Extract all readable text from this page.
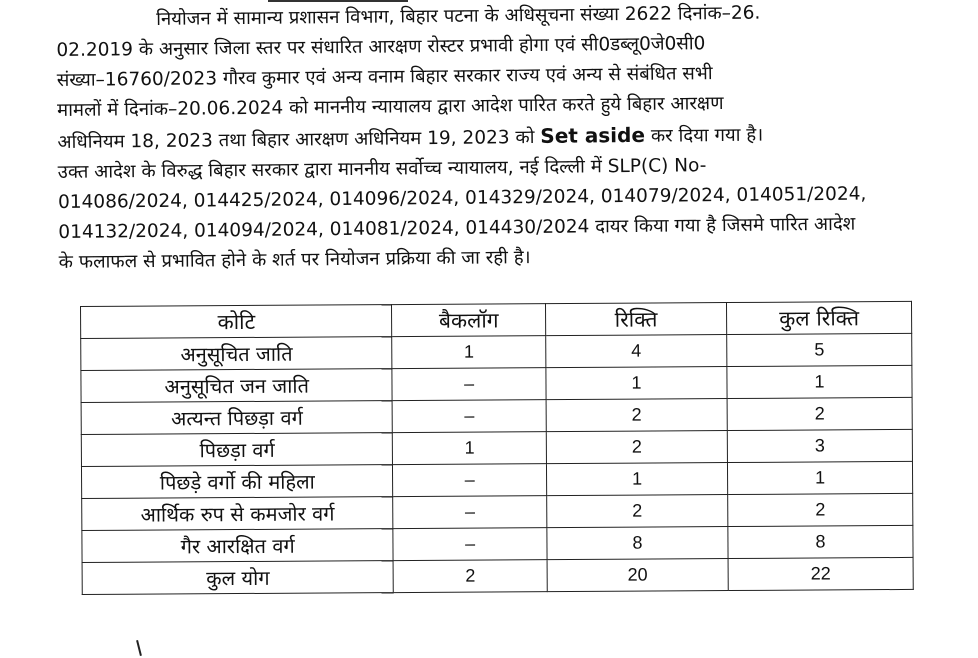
नियोजन में सामान्य प्रशासन विभाग, बिहार पटना के अधिसूचना संख्या 2622 दिनांक–26.
02.2019 के अनुसार जिला स्तर पर संधारित आरक्षण रोस्टर प्रभावी होगा एवं सी0डब्लू0जे0सी0
संख्या–16760/2023 गौरव कुमार एवं अन्य वनाम बिहार सरकार राज्य एवं अन्य से संबंधित सभी
मामलों में दिनांक–20.06.2024 को माननीय न्यायालय द्वारा आदेश पारित करते हुये बिहार आरक्षण
अधिनियम 18, 2023 तथा बिहार आरक्षण अधिनियम 19, 2023 को Set aside कर दिया गया है।
उक्त आदेश के विरुद्ध बिहार सरकार द्वारा माननीय सर्वोच्च न्यायालय, नई दिल्ली में SLP(C) No-
014086/2024, 014425/2024, 014096/2024, 014329/2024, 014079/2024, 014051/2024,
014132/2024, 014094/2024, 014081/2024, 014430/2024 दायर किया गया है जिसमे पारित आदेश
के फलाफल से प्रभावित होने के शर्त पर नियोजन प्रक्रिया की जा रही है।
कोटि	बैकलॉग	रिक्ति	कुल रिक्ति
अनुसूचित जाति	1	4	5
अनुसूचित जन जाति	–	1	1
अत्यन्त पिछड़ा वर्ग	–	2	2
पिछड़ा वर्ग	1	2	3
पिछड़े वर्गो की महिला	–	1	1
आर्थिक रुप से कमजोर वर्ग	–	2	2
गैर आरक्षित वर्ग	–	8	8
कुल योग	2	20	22
